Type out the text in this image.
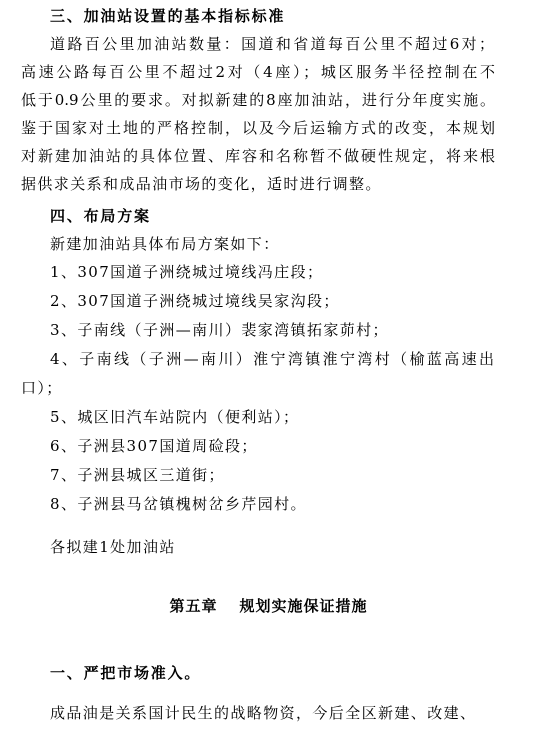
三、加油站设置的基本指标标准
道路百公里加油站数量：国道和省道每百公里不超过6对；
高速公路每百公里不超过2对（4座）；城区服务半径控制在不
低于0.9公里的要求。对拟新建的8座加油站，进行分年度实施。
鉴于国家对土地的严格控制，以及今后运输方式的改变，本规划
对新建加油站的具体位置、库容和名称暂不做硬性规定，将来根
据供求关系和成品油市场的变化，适时进行调整。
四、布局方案
新建加油站具体布局方案如下：
1、307国道子洲绕城过境线冯庄段；
2、307国道子洲绕城过境线吴家沟段；
3、子南线（子洲—南川）裴家湾镇拓家茆村；
4、子南线（子洲—南川）淮宁湾镇淮宁湾村（榆蓝高速出
口）；
5、城区旧汽车站院内（便利站）；
6、子洲县307国道周硷段；
7、子洲县城区三道街；
8、子洲县马岔镇槐树岔乡芹园村。
各拟建1处加油站
第五章 规划实施保证措施
一、严把市场准入。
成品油是关系国计民生的战略物资，今后全区新建、改建、
